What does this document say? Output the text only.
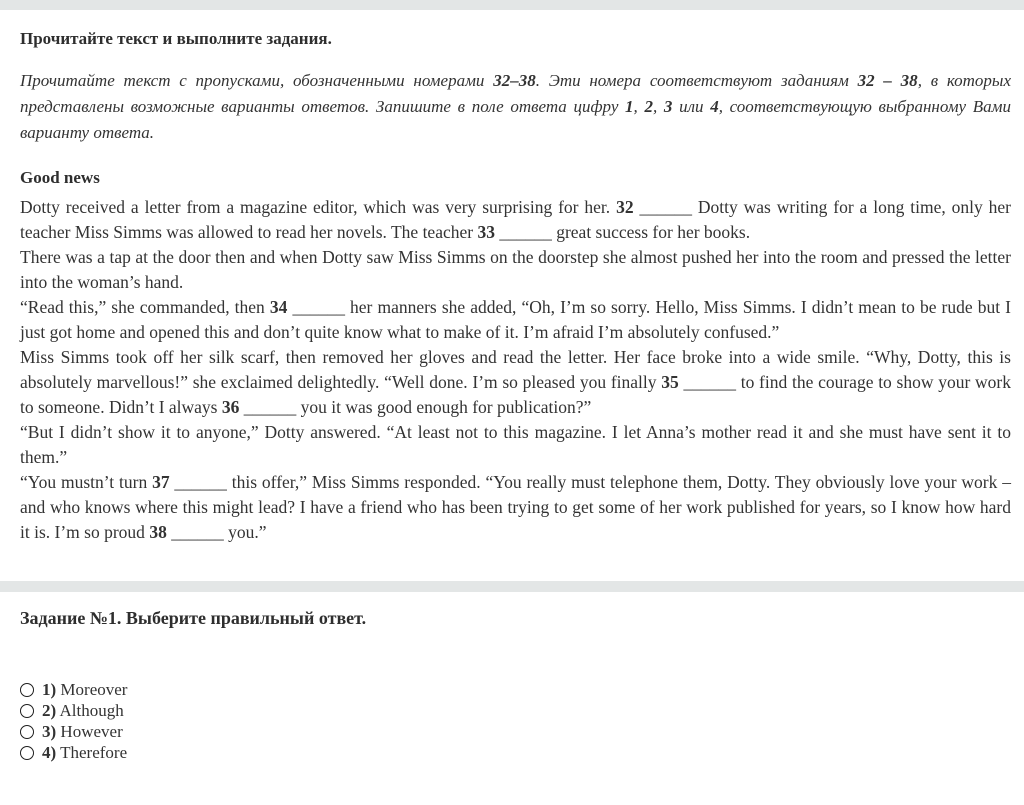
Прочитайте текст и выполните задания.
Прочитайте текст с пропусками, обозначенными номерами 32–38. Эти номера соответствуют заданиям 32 – 38, в которых представлены возможные варианты ответов. Запишите в поле ответа цифру 1, 2, 3 или 4, соответствующую выбранному Вами варианту ответа.
Good news

Dotty received a letter from a magazine editor, which was very surprising for her. 32 ______ Dotty was writing for a long time, only her teacher Miss Simms was allowed to read her novels. The teacher 33 ______ great success for her books.

There was a tap at the door then and when Dotty saw Miss Simms on the doorstep she almost pushed her into the room and pressed the letter into the woman’s hand.

“Read this,” she commanded, then 34 ______ her manners she added, “Oh, I’m so sorry. Hello, Miss Simms. I didn’t mean to be rude but I just got home and opened this and don’t quite know what to make of it. I’m afraid I’m absolutely confused.”

Miss Simms took off her silk scarf, then removed her gloves and read the letter. Her face broke into a wide smile. “Why, Dotty, this is absolutely marvellous!” she exclaimed delightedly. “Well done. I’m so pleased you finally 35 ______ to find the courage to show your work to someone. Didn’t I always 36 ______ you it was good enough for publication?”

“But I didn’t show it to anyone,” Dotty answered. “At least not to this magazine. I let Anna’s mother read it and she must have sent it to them.”

“You mustn’t turn 37 ______ this offer,” Miss Simms responded. “You really must telephone them, Dotty. They obviously love your work – and who knows where this might lead? I have a friend who has been trying to get some of her work published for years, so I know how hard it is. I’m so proud 38 ______ you.”

Задание №1. Выберите правильный ответ.
1) Moreover
2) Although
3) However
4) Therefore
